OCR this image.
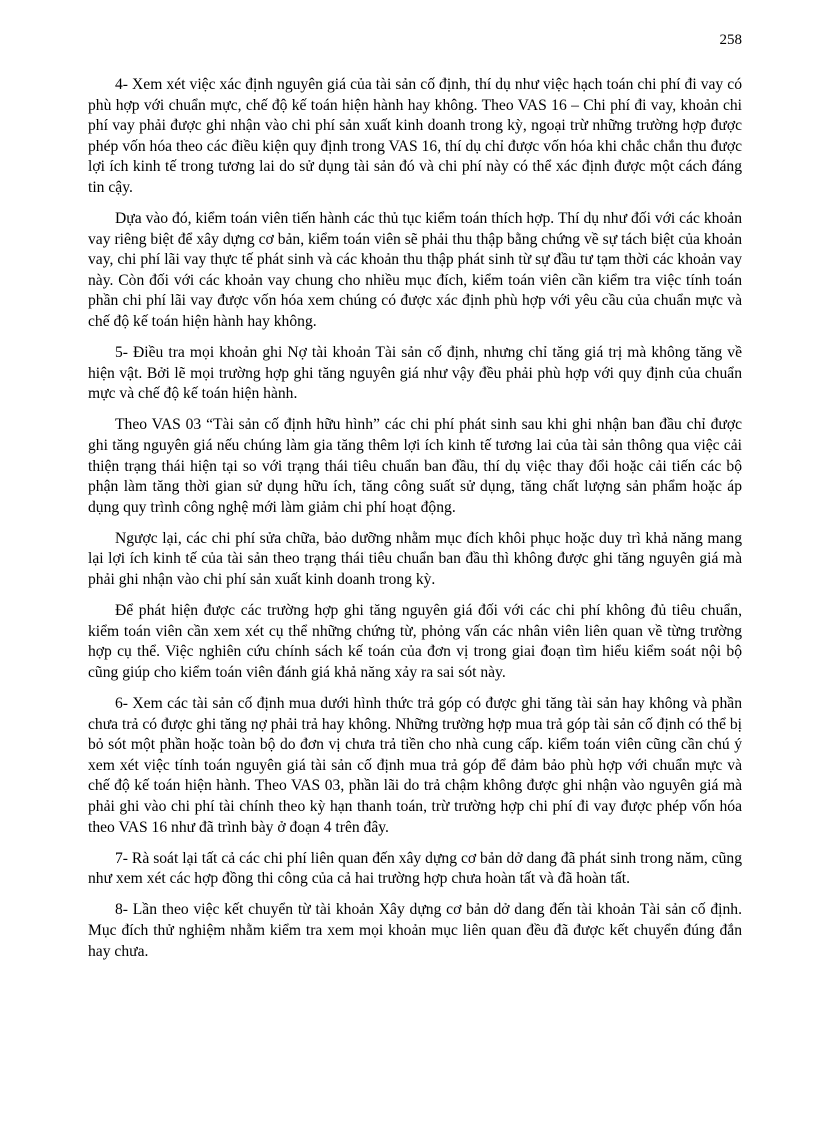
258

4- Xem xét việc xác định nguyên giá của tài sản cố định, thí dụ như việc hạch toán chi phí đi vay có phù hợp với chuẩn mực, chế độ kế toán hiện hành hay không. Theo VAS 16 – Chi phí đi vay, khoản chi phí vay phải được ghi nhận vào chi phí sản xuất kinh doanh trong kỳ, ngoại trừ những trường hợp được phép vốn hóa theo các điều kiện quy định trong VAS 16, thí dụ chỉ được vốn hóa khi chắc chắn thu được lợi ích kinh tế trong tương lai do sử dụng tài sản đó và chi phí này có thể xác định được một cách đáng tin cậy.

Dựa vào đó, kiểm toán viên tiến hành các thủ tục kiểm toán thích hợp. Thí dụ như đối với các khoản vay riêng biệt để xây dựng cơ bản, kiểm toán viên sẽ phải thu thập bằng chứng về sự tách biệt của khoản vay, chi phí lãi vay thực tế phát sinh và các khoản thu thập phát sinh từ sự đầu tư tạm thời các khoản vay này. Còn đối với các khoản vay chung cho nhiều mục đích, kiểm toán viên cần kiểm tra việc tính toán phần chi phí lãi vay được vốn hóa xem chúng có được xác định phù hợp với yêu cầu của chuẩn mực và chế độ kế toán hiện hành hay không.

5- Điều tra mọi khoản ghi Nợ tài khoản Tài sản cố định, nhưng chỉ tăng giá trị mà không tăng về hiện vật. Bởi lẽ mọi trường hợp ghi tăng nguyên giá như vậy đều phải phù hợp với quy định của chuẩn mực và chế độ kế toán hiện hành.

Theo VAS 03 “Tài sản cố định hữu hình” các chi phí phát sinh sau khi ghi nhận ban đầu chỉ được ghi tăng nguyên giá nếu chúng làm gia tăng thêm lợi ích kinh tế tương lai của tài sản thông qua việc cải thiện trạng thái hiện tại so với trạng thái tiêu chuẩn ban đầu, thí dụ việc thay đổi hoặc cải tiến các bộ phận làm tăng thời gian sử dụng hữu ích, tăng công suất sử dụng, tăng chất lượng sản phẩm hoặc áp dụng quy trình công nghệ mới làm giảm chi phí hoạt động.

Ngược lại, các chi phí sửa chữa, bảo dưỡng nhằm mục đích khôi phục hoặc duy trì khả năng mang lại lợi ích kinh tế của tài sản theo trạng thái tiêu chuẩn ban đầu thì không được ghi tăng nguyên giá mà phải ghi nhận vào chi phí sản xuất kinh doanh trong kỳ.

Để phát hiện được các trường hợp ghi tăng nguyên giá đối với các chi phí không đủ tiêu chuẩn, kiểm toán viên cần xem xét cụ thể những chứng từ, phỏng vấn các nhân viên liên quan về từng trường hợp cụ thể. Việc nghiên cứu chính sách kế toán của đơn vị trong giai đoạn tìm hiểu kiểm soát nội bộ cũng giúp cho kiểm toán viên đánh giá khả năng xảy ra sai sót này.

6- Xem các tài sản cố định mua dưới hình thức trả góp có được ghi tăng tài sản hay không và phần chưa trả có được ghi tăng nợ phải trả hay không. Những trường hợp mua trả góp tài sản cố định có thể bị bỏ sót một phần hoặc toàn bộ do đơn vị chưa trả tiền cho nhà cung cấp. kiểm toán viên cũng cần chú ý xem xét việc tính toán nguyên giá tài sản cố định mua trả góp để đảm bảo phù hợp với chuẩn mực và chế độ kế toán hiện hành. Theo VAS 03, phần lãi do trả chậm không được ghi nhận vào nguyên giá mà phải ghi vào chi phí tài chính theo kỳ hạn thanh toán, trừ trường hợp chi phí đi vay được phép vốn hóa theo VAS 16 như đã trình bày ở đoạn 4 trên đây.

7- Rà soát lại tất cả các chi phí liên quan đến xây dựng cơ bản dở dang đã phát sinh trong năm, cũng như xem xét các hợp đồng thi công của cả hai trường hợp chưa hoàn tất và đã hoàn tất.

8- Lần theo việc kết chuyển từ tài khoản Xây dựng cơ bản dở dang đến tài khoản Tài sản cố định. Mục đích thử nghiệm nhằm kiểm tra xem mọi khoản mục liên quan đều đã được kết chuyển đúng đắn hay chưa.
